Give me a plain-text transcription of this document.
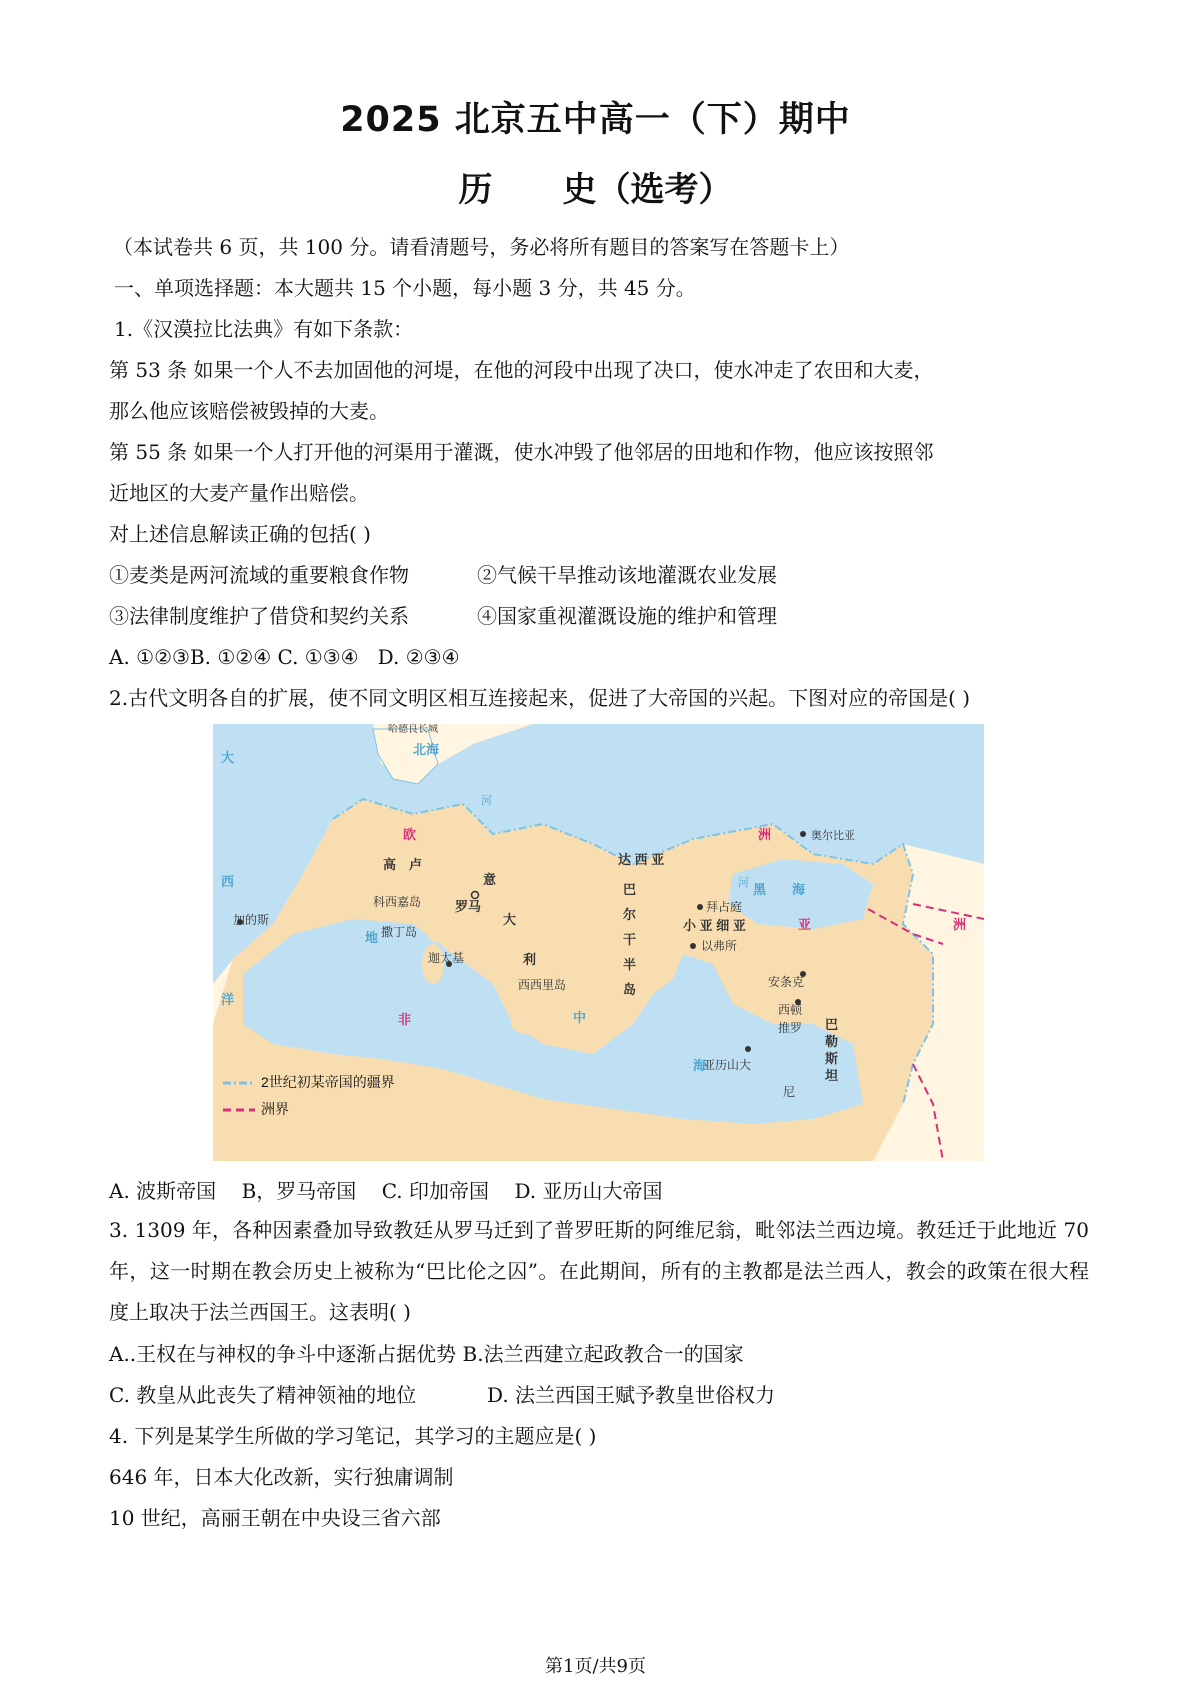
2025 北京五中高一（下）期中
历 史（选考）
（本试卷共 6 页，共 100 分。请看清题号，务必将所有题目的答案写在答题卡上）
一、单项选择题：本大题共 15 个小题，每小题 3 分，共 45 分。
1.《汉漠拉比法典》有如下条款：
第 53 条 如果一个人不去加固他的河堤，在他的河段中出现了决口，使水冲走了农田和大麦，
那么他应该赔偿被毁掉的大麦。
第 55 条 如果一个人打开他的河渠用于灌溉，使水冲毁了他邻居的田地和作物，他应该按照邻
近地区的大麦产量作出赔偿。
对上述信息解读正确的包括( )
①麦类是两河流域的重要粮食作物	②气候干旱推动该地灌溉农业发展
③法律制度维护了借贷和契约关系	④国家重视灌溉设施的维护和管理
A. ①②③B. ①②④ C. ①③④   D. ②③④
2.古代文明各自的扩展，使不同文明区相互连接起来，促进了大帝国的兴起。下图对应的帝国是( )
哈德良长城
北海
大
西
洋
欧	洲
高　卢	达 西 亚
奥尔比亚
黑　　海
巴
尔
干
半
岛
意
大
利
罗马
科西嘉岛
撒丁岛
拜占庭
小 亚 细 亚	亚	洲
加的斯
地
迦太基
西西里岛
以弗所
安条克
西顿
推罗 巴
勒
斯
坦
非	中
海
亚历山大
尼
河
河
2世纪初某帝国的疆界
洲界
A. 波斯帝国    B，罗马帝国    C. 印加帝国    D. 亚历山大帝国
3. 1309 年，各种因素叠加导致教廷从罗马迁到了普罗旺斯的阿维尼翁，毗邻法兰西边境。教廷迁于此地近 70 年，这一时期在教会历史上被称为“巴比伦之囚”。在此期间，所有的主教都是法兰西人，教会的政策在很大程度上取决于法兰西国王。这表明( )
A..王权在与神权的争斗中逐渐占据优势 B.法兰西建立起政教合一的国家
C. 教皇从此丧失了精神领袖的地位	D. 法兰西国王赋予教皇世俗权力
4. 下列是某学生所做的学习笔记，其学习的主题应是( )
646 年，日本大化改新，实行独庸调制
10 世纪，高丽王朝在中央设三省六部
第1页/共9页
